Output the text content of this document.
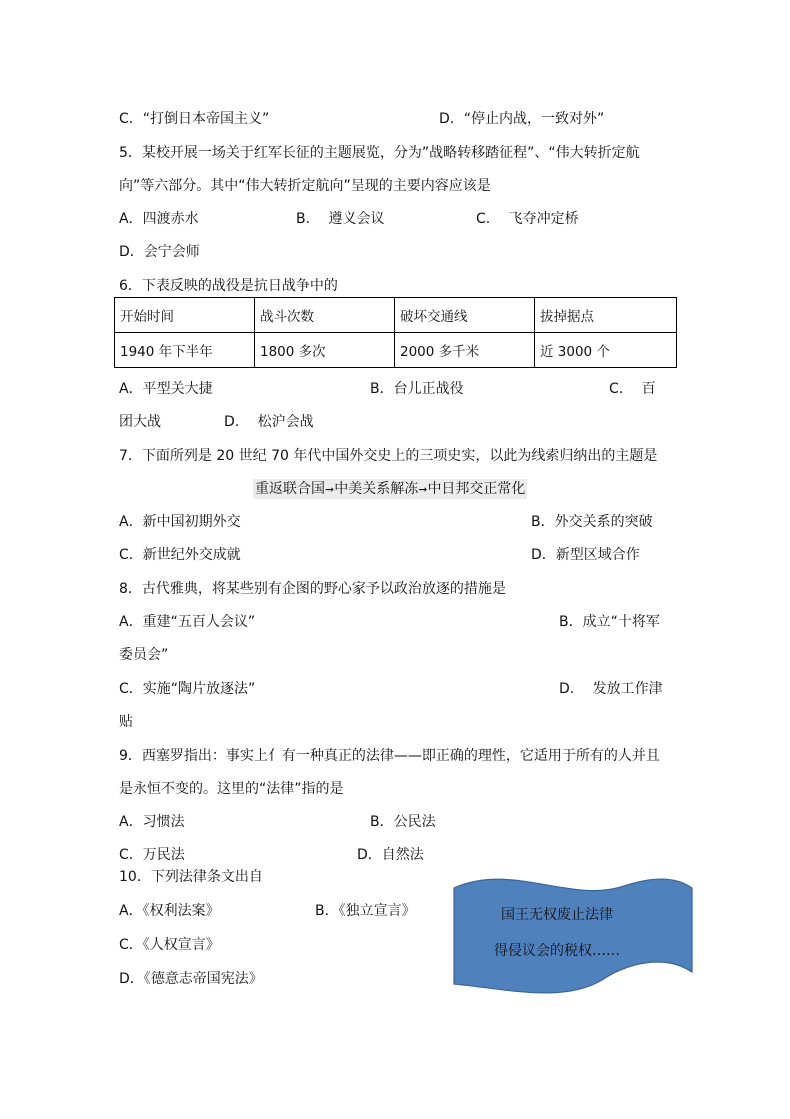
C．“打倒日本帝国主义”	D．“停止内战，一致对外”
5．某校开展一场关于红军长征的主题展览，分为”战略转移踏征程”、“伟大转折定航
向”等六部分。其中“伟大转折定航向”呈现的主要内容应该是
A．四渡赤水	B.　 遵义会议	C.　 飞夺冲定桥
D．会宁会师
6．下表反映的战役是抗日战争中的
开始时间	战斗次数	破坏交通线	拔掉据点
1940 年下半年	1800 多次	2000 多千米	近 3000 个
A．平型关大捷	B．台儿正战役	C.　 百
团大战	D.　 松沪会战
7．下面所列是 20 世纪 70 年代中国外交史上的三项史实，以此为线索归纳出的主题是
重返联合国➞中美关系解冻➞中日邦交正常化
A．新中国初期外交	B．外交关系的突破
C．新世纪外交成就	D．新型区域合作
8．古代雅典，将某些别有企图的野心家予以政治放逐的措施是
A．重建“五百人会议”	B．成立“十将军
委员会”
C．实施“陶片放逐法”	D.　 发放工作津
贴
9．西塞罗指出：事实上亻有一种真正的法律——即正确的理性，它适用于所有的人并且
是永恒不变的。这里的“法律”指的是
A．习惯法	B．公民法
C．万民法	D．自然法
10．下列法律条文出自
A．《权利法案》	B．《独立宣言》
C．《人权宣言》
D．《德意志帝国宪法》
国王无权废止法律
得侵议会的税权……
